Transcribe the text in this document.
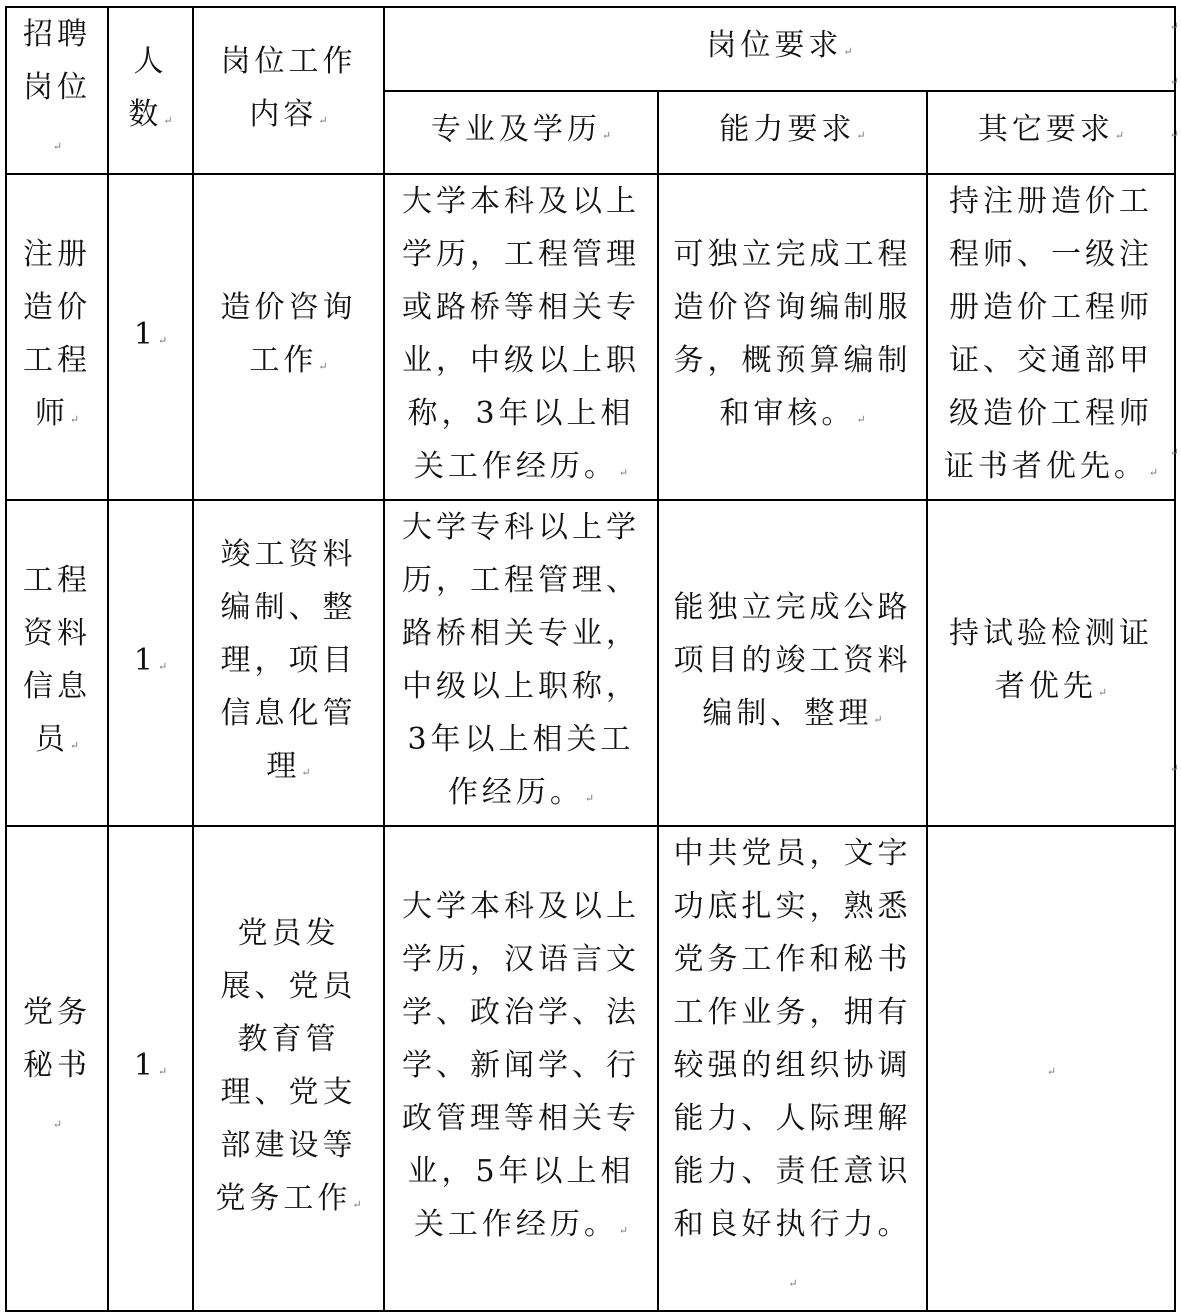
招聘岗位↵	人数↵	岗位工作内容↵	岗位要求↵		
			专业及学历↵	能力要求↵	其它要求↵
注册造价工程师↵	1↵	造价咨询工作↵	大学本科及以上学历，工程管理或路桥等相关专业，中级以上职称，3年以上相关工作经历。↵	可独立完成工程造价咨询编制服务，概预算编制和审核。↵	持注册造价工程师、一级注册造价工程师证、交通部甲级造价工程师证书者优先。↵
工程资料信息员↵	1↵	竣工资料编制、整理，项目信息化管理↵	大学专科以上学历，工程管理、路桥相关专业，中级以上职称，3年以上相关工作经历。↵	能独立完成公路项目的竣工资料编制、整理↵	持试验检测证者优先↵
党务秘书↵	1↵	党员发展、党员教育管理、党支部建设等党务工作↵	大学本科及以上学历，汉语言文学、政治学、法学、新闻学、行政管理等相关专业，5年以上相关工作经历。↵	中共党员，文字功底扎实，熟悉党务工作和秘书工作业务，拥有较强的组织协调能力、人际理解能力、责任意识和良好执行力。↵	↵
↵
↵
↵
↵
↵
